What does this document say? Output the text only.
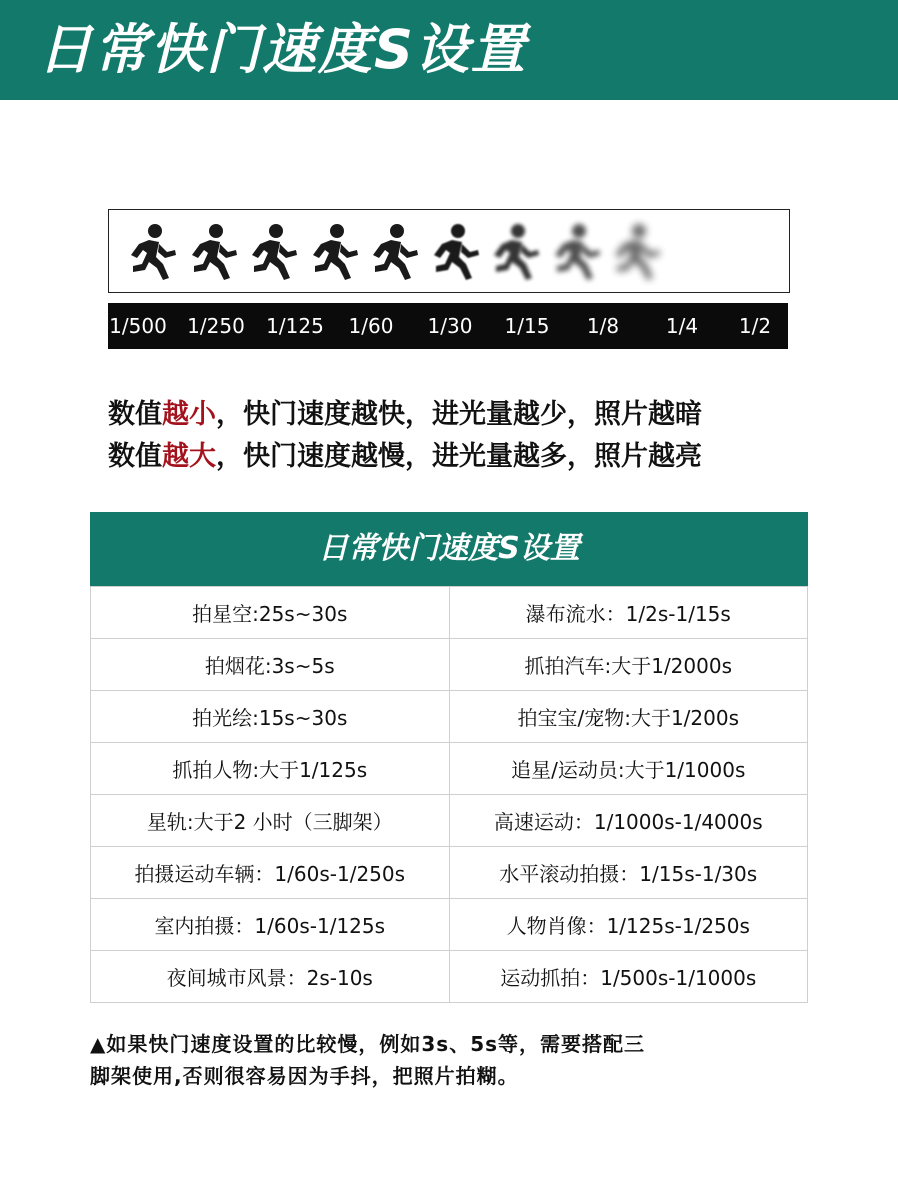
日常快门速度S设置
1/500 1/250 1/125 1/60 1/30 1/15 1/8 1/4 1/2
数值越小，快门速度越快，进光量越少，照片越暗
数值越大，快门速度越慢，进光量越多，照片越亮
日常快门速度S设置
拍星空:25s~30s	瀑布流水：1/2s-1/15s
拍烟花:3s~5s	抓拍汽车:大于1/2000s
拍光绘:15s~30s	拍宝宝/宠物:大于1/200s
抓拍人物:大于1/125s	追星/运动员:大于1/1000s
星轨:大于2 小时（三脚架）	高速运动：1/1000s-1/4000s
拍摄运动车辆：1/60s-1/250s	水平滚动拍摄：1/15s-1/30s
室内拍摄：1/60s-1/125s	人物肖像：1/125s-1/250s
夜间城市风景：2s-10s	运动抓拍：1/500s-1/1000s
▲如果快门速度设置的比较慢，例如3s、5s等，需要搭配三
脚架使用,否则很容易因为手抖，把照片拍糊。
